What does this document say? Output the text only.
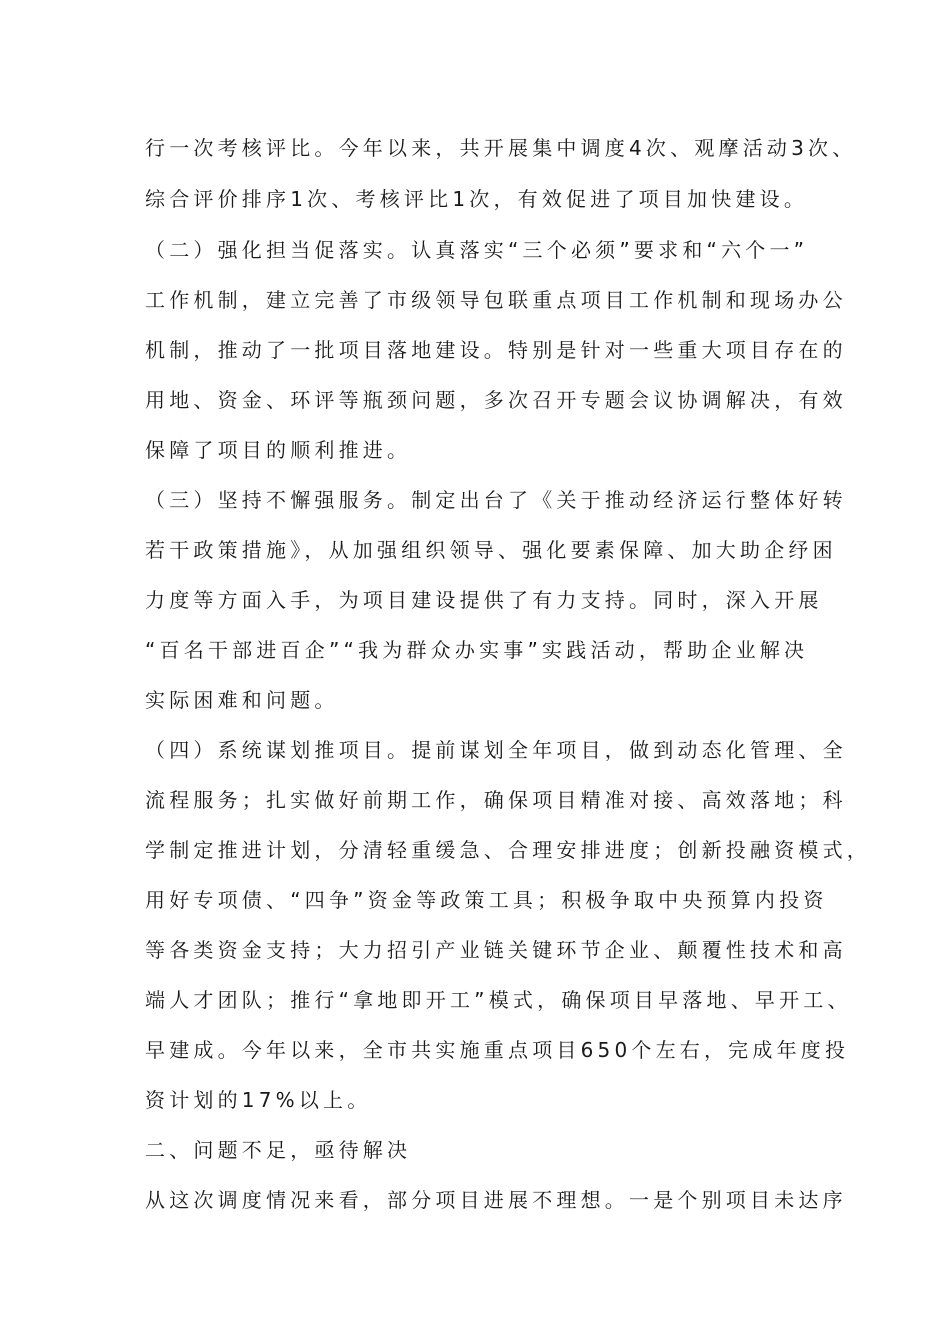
行一次考核评比。今年以来，共开展集中调度4次、观摩活动3次、
综合评价排序1次、考核评比1次，有效促进了项目加快建设。
（二）强化担当促落实。认真落实“三个必须”要求和“六个一”
工作机制，建立完善了市级领导包联重点项目工作机制和现场办公
机制，推动了一批项目落地建设。特别是针对一些重大项目存在的
用地、资金、环评等瓶颈问题，多次召开专题会议协调解决，有效
保障了项目的顺利推进。
（三）坚持不懈强服务。制定出台了《关于推动经济运行整体好转
若干政策措施》，从加强组织领导、强化要素保障、加大助企纾困
力度等方面入手，为项目建设提供了有力支持。同时，深入开展
“百名干部进百企”“我为群众办实事”实践活动，帮助企业解决
实际困难和问题。
（四）系统谋划推项目。提前谋划全年项目，做到动态化管理、全
流程服务；扎实做好前期工作，确保项目精准对接、高效落地；科
学制定推进计划，分清轻重缓急、合理安排进度；创新投融资模式，
用好专项债、“四争”资金等政策工具；积极争取中央预算内投资
等各类资金支持；大力招引产业链关键环节企业、颠覆性技术和高
端人才团队；推行“拿地即开工”模式，确保项目早落地、早开工、
早建成。今年以来，全市共实施重点项目650个左右，完成年度投
资计划的17%以上。
二、问题不足，亟待解决
从这次调度情况来看，部分项目进展不理想。一是个别项目未达序
